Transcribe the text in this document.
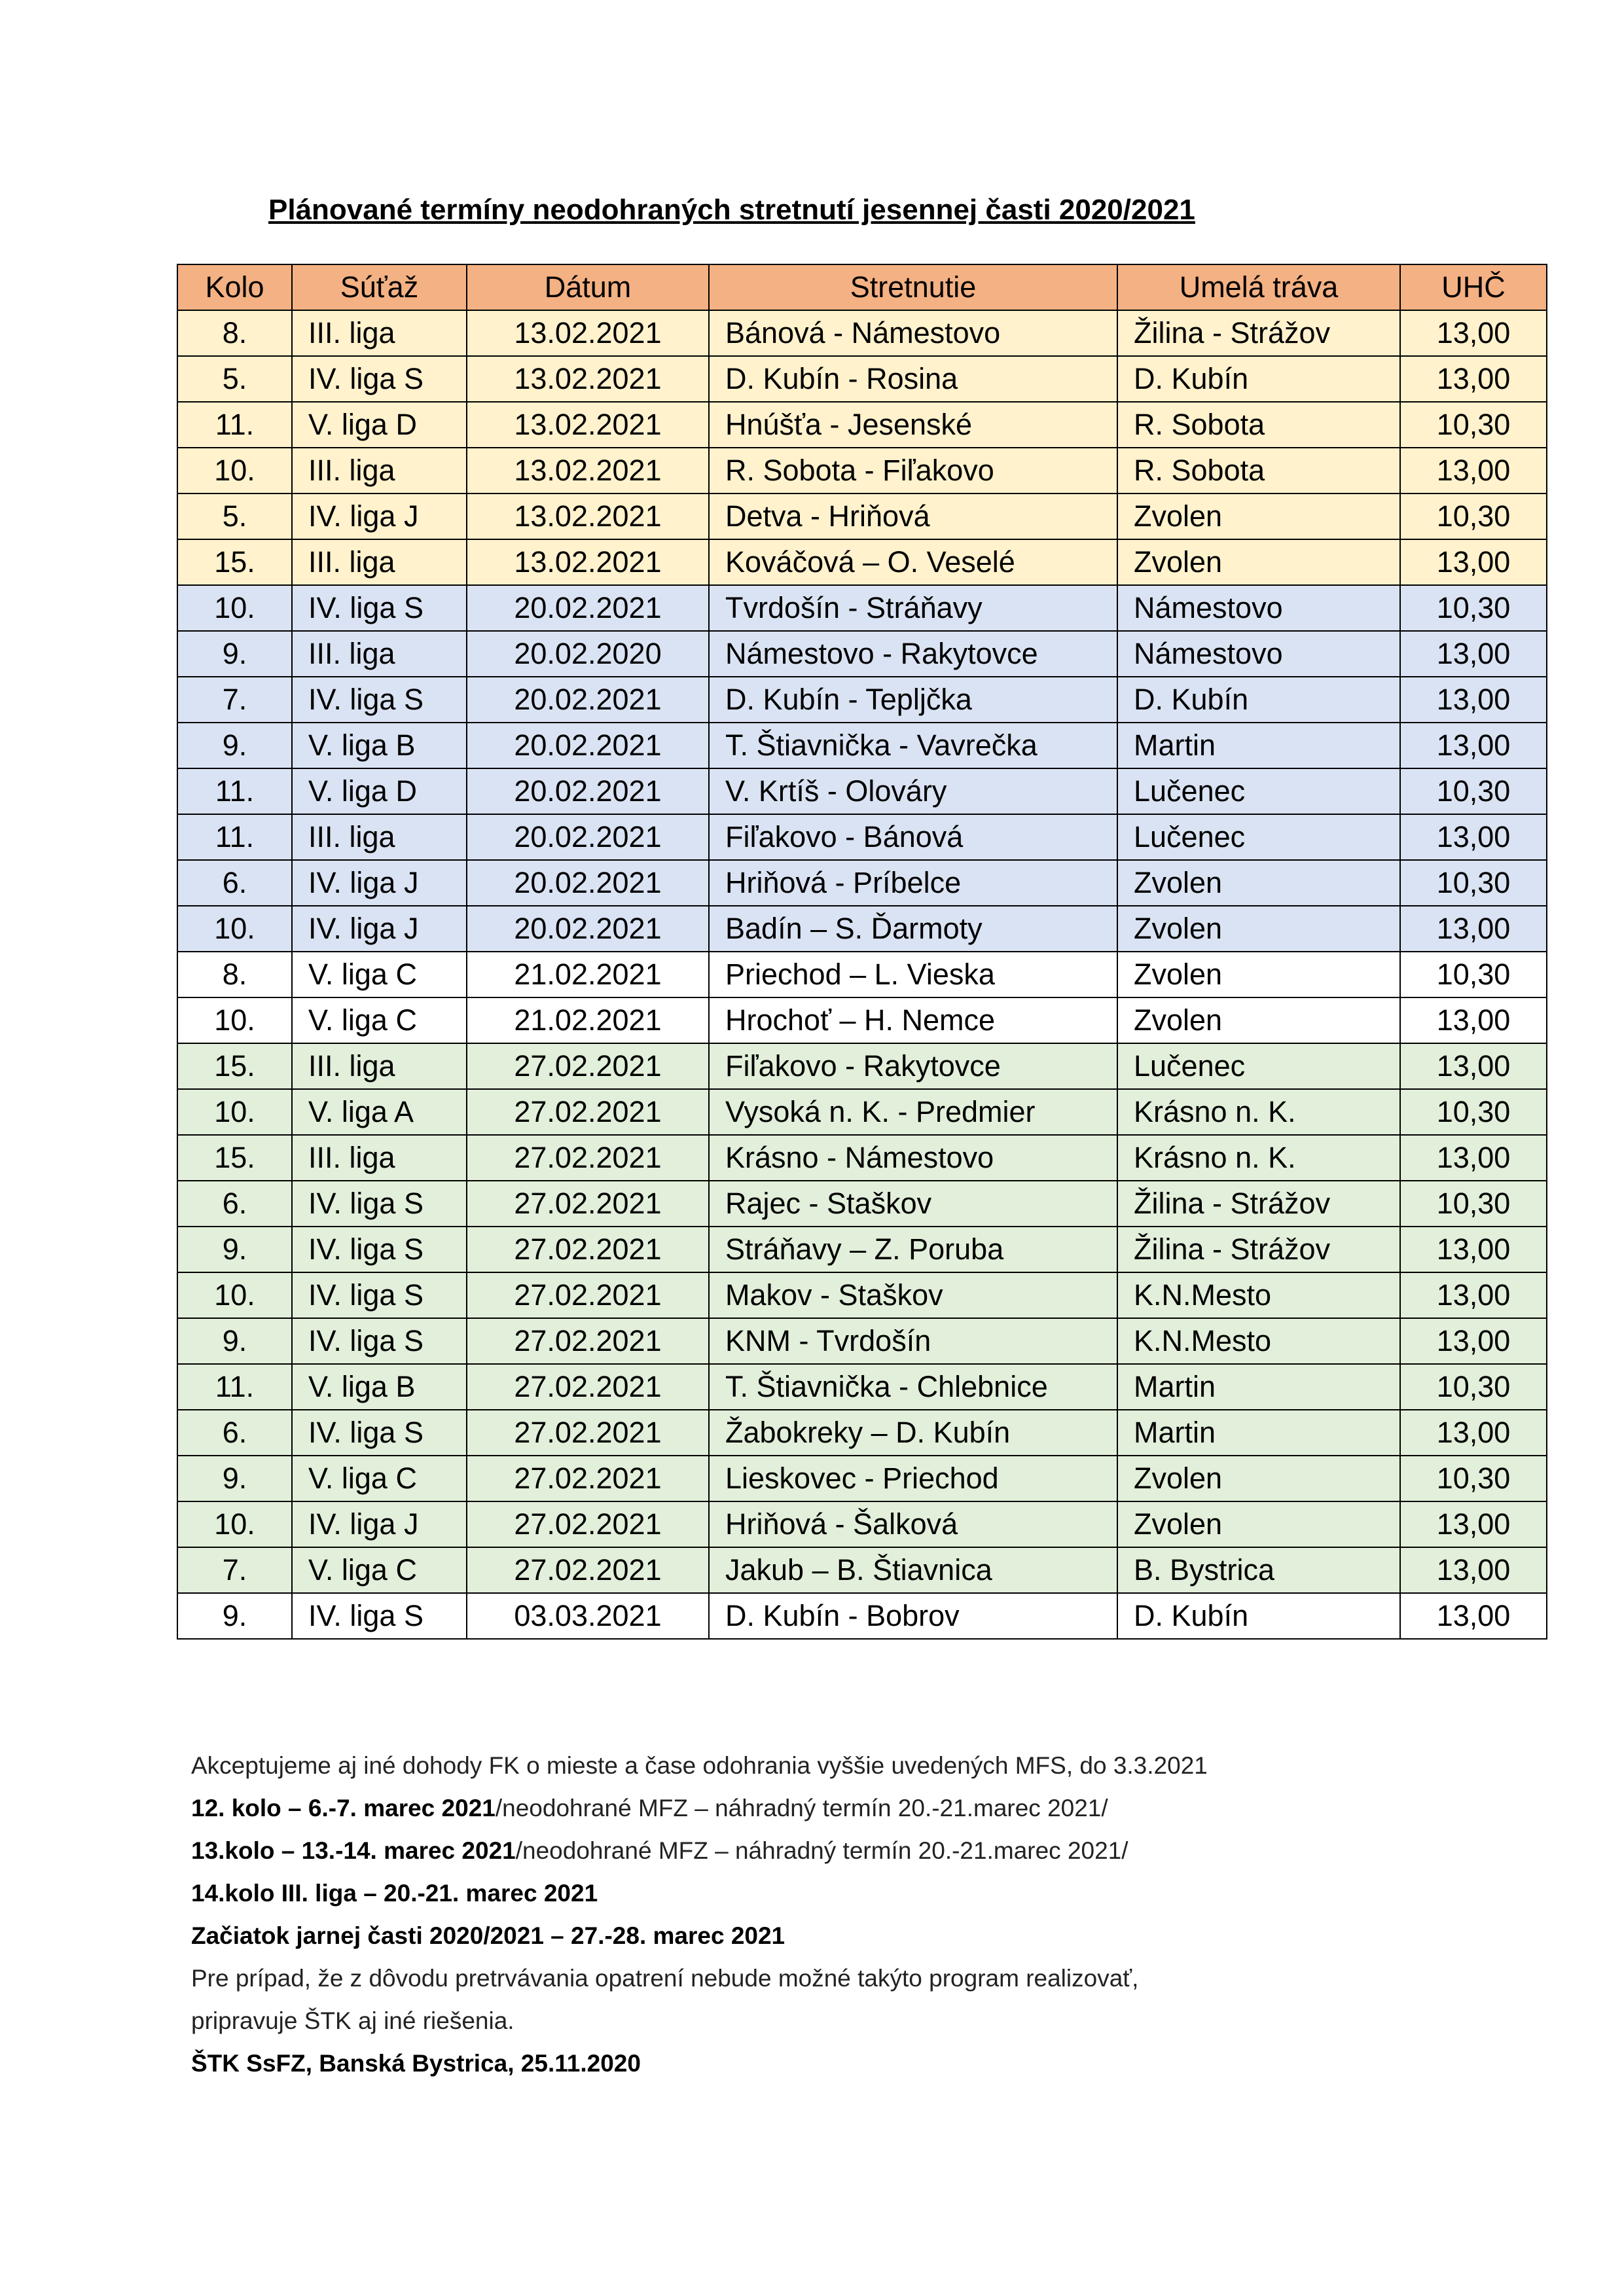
Plánované termíny neodohraných stretnutí jesennej časti 2020/2021
Kolo	Súťaž	Dátum	Stretnutie	Umelá tráva	UHČ
8.	III. liga	13.02.2021	Bánová - Námestovo	Žilina - Strážov	13,00
5.	IV. liga S	13.02.2021	D. Kubín - Rosina	D. Kubín	13,00
11.	V. liga D	13.02.2021	Hnúšťa - Jesenské	R. Sobota	10,30
10.	III. liga	13.02.2021	R. Sobota - Fiľakovo	R. Sobota	13,00
5.	IV. liga J	13.02.2021	Detva - Hriňová	Zvolen	10,30
15.	III. liga	13.02.2021	Kováčová – O. Veselé	Zvolen	13,00
10.	IV. liga S	20.02.2021	Tvrdošín - Stráňavy	Námestovo	10,30
9.	III. liga	20.02.2020	Námestovo - Rakytovce	Námestovo	13,00
7.	IV. liga S	20.02.2021	D. Kubín - Tepljčka	D. Kubín	13,00
9.	V. liga B	20.02.2021	T. Štiavnička - Vavrečka	Martin	13,00
11.	V. liga D	20.02.2021	V. Krtíš - Olováry	Lučenec	10,30
11.	III. liga	20.02.2021	Fiľakovo - Bánová	Lučenec	13,00
6.	IV. liga J	20.02.2021	Hriňová - Príbelce	Zvolen	10,30
10.	IV. liga J	20.02.2021	Badín – S. Ďarmoty	Zvolen	13,00
8.	V. liga C	21.02.2021	Priechod – L. Vieska	Zvolen	10,30
10.	V. liga C	21.02.2021	Hrochoť – H. Nemce	Zvolen	13,00
15.	III. liga	27.02.2021	Fiľakovo - Rakytovce	Lučenec	13,00
10.	V. liga A	27.02.2021	Vysoká n. K. - Predmier	Krásno n. K.	10,30
15.	III. liga	27.02.2021	Krásno - Námestovo	Krásno n. K.	13,00
6.	IV. liga S	27.02.2021	Rajec - Staškov	Žilina - Strážov	10,30
9.	IV. liga S	27.02.2021	Stráňavy – Z. Poruba	Žilina - Strážov	13,00
10.	IV. liga S	27.02.2021	Makov - Staškov	K.N.Mesto	13,00
9.	IV. liga S	27.02.2021	KNM - Tvrdošín	K.N.Mesto	13,00
11.	V. liga B	27.02.2021	T. Štiavnička - Chlebnice	Martin	10,30
6.	IV. liga S	27.02.2021	Žabokreky – D. Kubín	Martin	13,00
9.	V. liga C	27.02.2021	Lieskovec - Priechod	Zvolen	10,30
10.	IV. liga J	27.02.2021	Hriňová - Šalková	Zvolen	13,00
7.	V. liga C	27.02.2021	Jakub – B. Štiavnica	B. Bystrica	13,00
9.	IV. liga S	03.03.2021	D. Kubín - Bobrov	D. Kubín	13,00

Akceptujeme aj iné dohody FK o mieste a čase odohrania vyššie uvedených MFS, do 3.3.2021

12. kolo – 6.-7. marec 2021/neodohrané MFZ – náhradný termín 20.-21.marec 2021/

13.kolo – 13.-14. marec 2021/neodohrané MFZ – náhradný termín 20.-21.marec 2021/

14.kolo III. liga – 20.-21. marec 2021

Začiatok jarnej časti 2020/2021 – 27.-28. marec 2021

Pre prípad, že z dôvodu pretrvávania opatrení nebude možné takýto program realizovať,

pripravuje ŠTK aj iné riešenia.

ŠTK SsFZ, Banská Bystrica, 25.11.2020
